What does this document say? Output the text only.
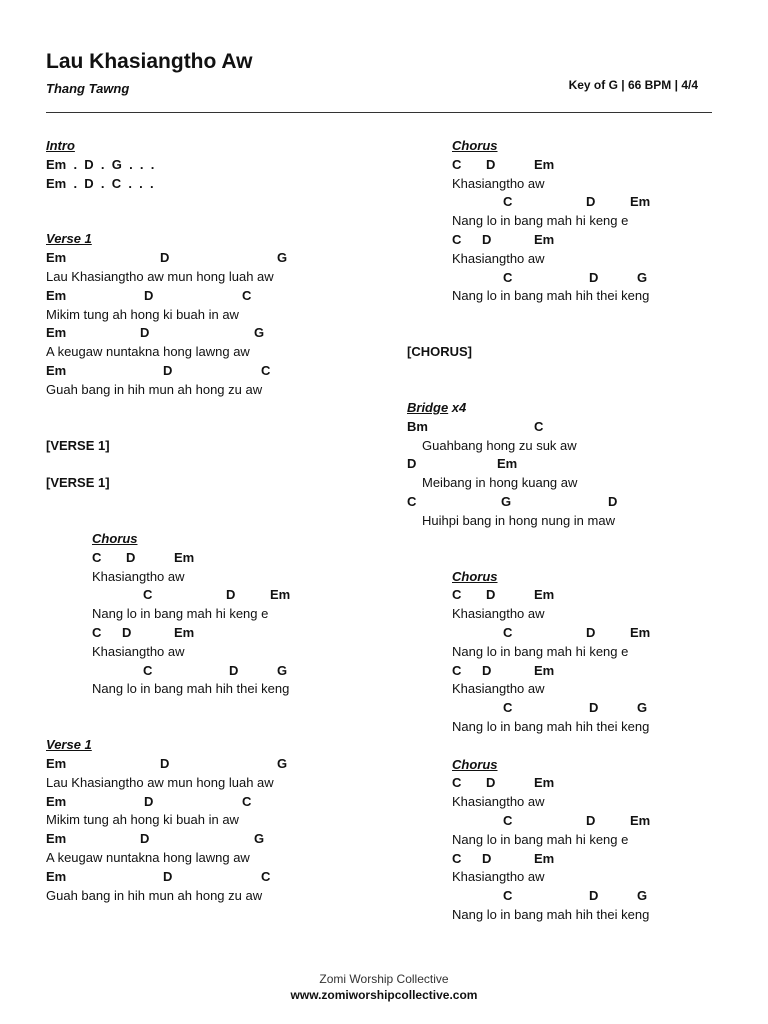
Lau Khasiangtho Aw
Thang Tawng	Key of G | 66 BPM | 4/4
Intro
Em  .  D  .  G  .  .  .
Em  .  D  .  C  .  .  .
Verse 1
Em	D	G
Lau Khasiangtho aw mun hong luah aw
Em	D	C
Mikim tung ah hong ki buah in aw
Em	D	G
A keugaw nuntakna hong lawng aw
Em	D	C
Guah bang in hih mun ah hong zu aw
[VERSE 1]
[VERSE 1]
Chorus
C D	Em
Khasiangtho aw
C	D	Em
Nang lo in bang mah hi keng e
C D	Em
Khasiangtho aw
C	D	G
Nang lo in bang mah hih thei keng
Verse 1
Em	D	G
Lau Khasiangtho aw mun hong luah aw
Em	D	C
Mikim tung ah hong ki buah in aw
Em	D	G
A keugaw nuntakna hong lawng aw
Em	D	C
Guah bang in hih mun ah hong zu aw
Chorus
C D	Em
Khasiangtho aw
C	D	Em
Nang lo in bang mah hi keng e
C D	Em
Khasiangtho aw
C	D	G
Nang lo in bang mah hih thei keng
[CHORUS]
Bridge x4
Bm	C
Guahbang hong zu suk aw
D	Em
Meibang in hong kuang aw
C	G	D
Huihpi bang in hong nung in maw
Chorus
C D	Em
Khasiangtho aw
C	D	Em
Nang lo in bang mah hi keng e
C D	Em
Khasiangtho aw
C	D	G
Nang lo in bang mah hih thei keng
Chorus
C D	Em
Khasiangtho aw
C	D	Em
Nang lo in bang mah hi keng e
C D	Em
Khasiangtho aw
C	D	G
Nang lo in bang mah hih thei keng
Zomi Worship Collective
www.zomiworshipcollective.com
